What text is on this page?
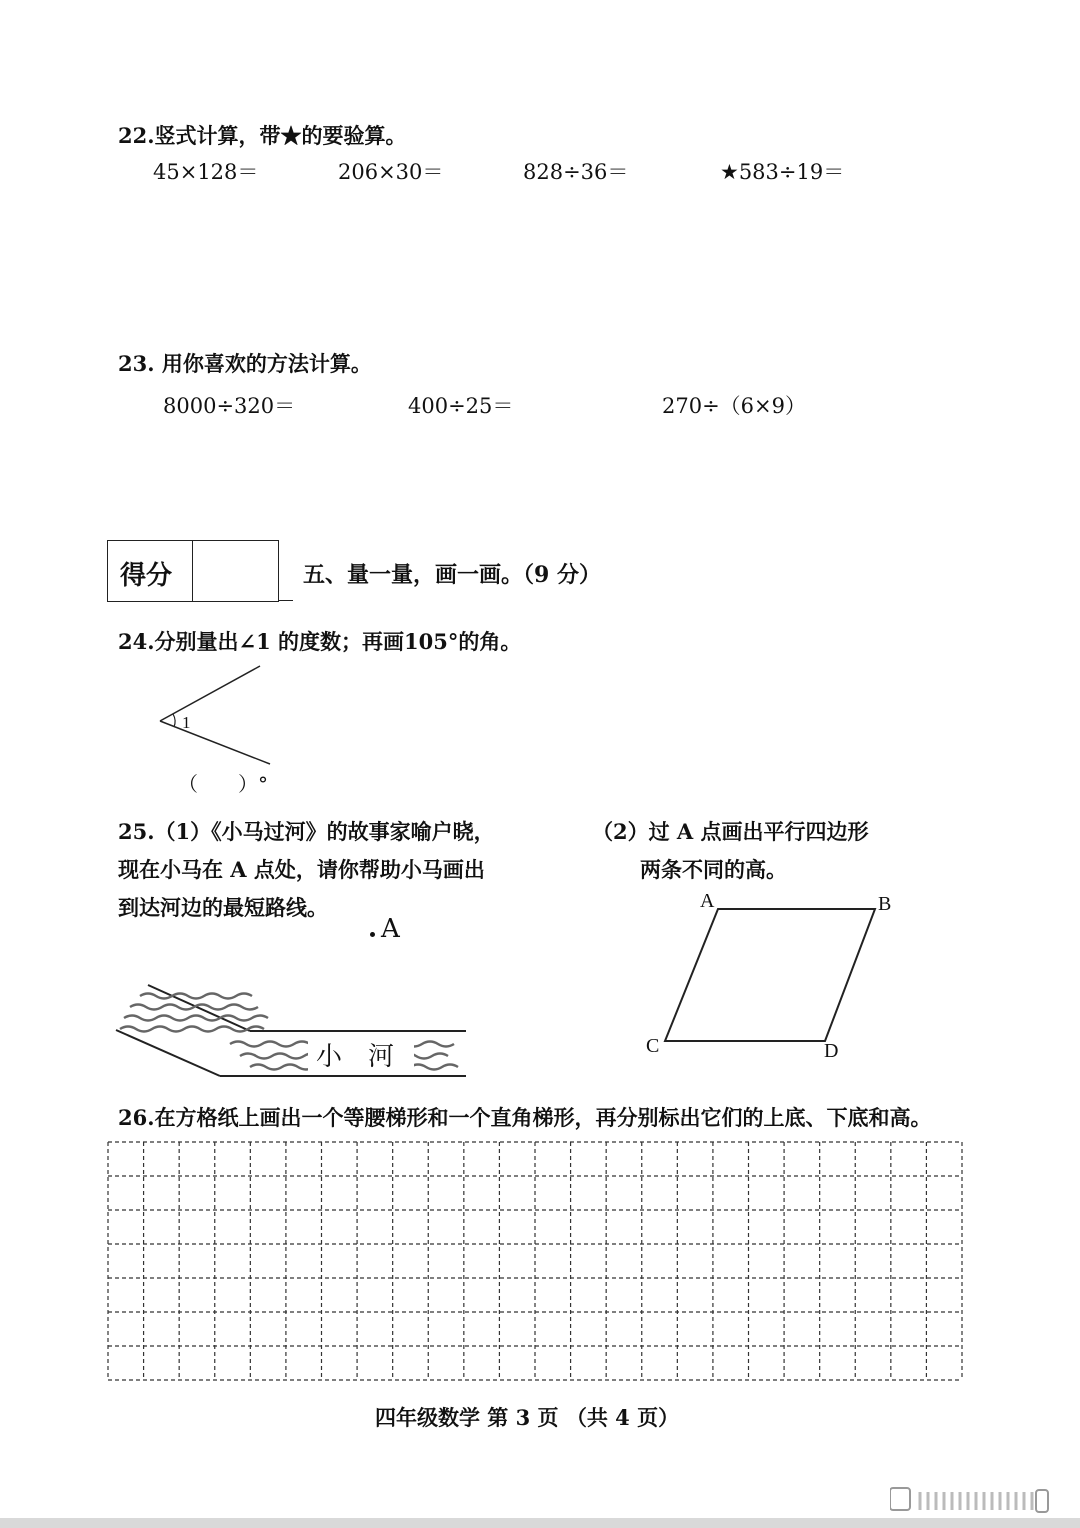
22.竖式计算，带★的要验算。
45×128＝	206×30＝	828÷36＝	★583÷19＝
23. 用你喜欢的方法计算。
8000÷320＝	400÷25＝	270÷（6×9）
得分	五、量一量，画一画。（9 分）
24.分别量出∠1 的度数；再画105°的角。
1
（　　）°
25.（1）《小马过河》的故事家喻户晓，
现在小马在 A 点处，请你帮助小马画出
到达河边的最短路线。
A
小　河
（2）过 A 点画出平行四边形
两条不同的高。
A	B
C	D
26.在方格纸上画出一个等腰梯形和一个直角梯形，再分别标出它们的上底、下底和高。
四年级数学 第 3 页 （共 4 页）
